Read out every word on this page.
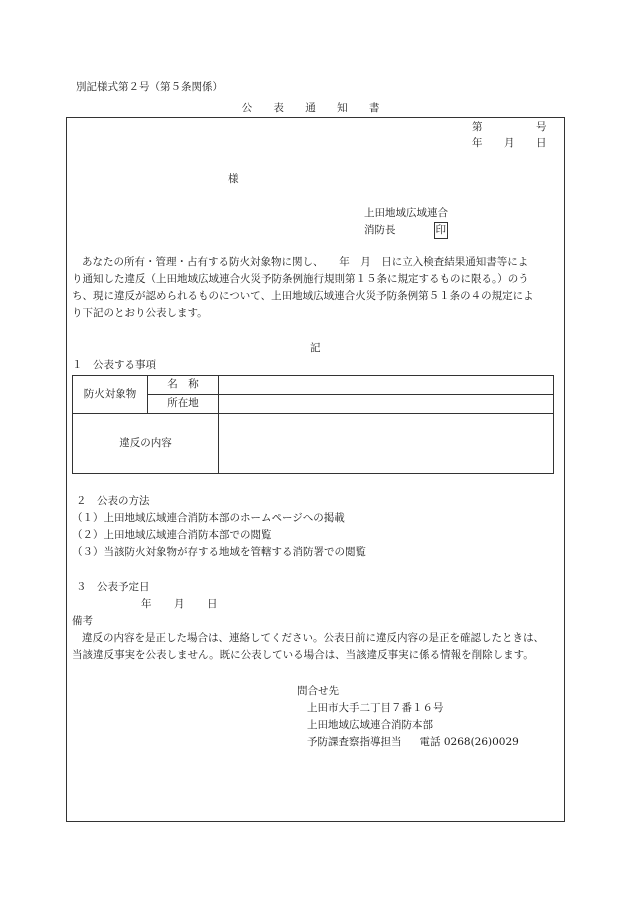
別記様式第２号（第５条関係）
公 表 通 知 書
第	号
年 月 日
様
上田地域広域連合
消防長	印
あなたの所有・管理・占有する防火対象物に関し、　　年　月　日に立入検査結果通知書等によ
り通知した違反（上田地域広域連合火災予防条例施行規則第１５条に規定するものに限る。）のう
ち、現に違反が認められるものについて、上田地域広域連合火災予防条例第５１条の４の規定によ
り下記のとおり公表します。
記
１　公表する事項
防火対象物	名　称	
	所在地	
違反の内容		
２　公表の方法
（１）上田地域広域連合消防本部のホームページへの掲載
（２）上田地域広域連合消防本部での閲覧
（３）当該防火対象物が存する地域を管轄する消防署での閲覧
３　公表予定日
年 月 日
備考
違反の内容を是正した場合は、連絡してください。公表日前に違反内容の是正を確認したときは、
当該違反事実を公表しません。既に公表している場合は、当該違反事実に係る情報を削除します。
問合せ先
上田市大手二丁目７番１６号
上田地域広域連合消防本部
予防課査察指導担当 電話 0268(26)0029
